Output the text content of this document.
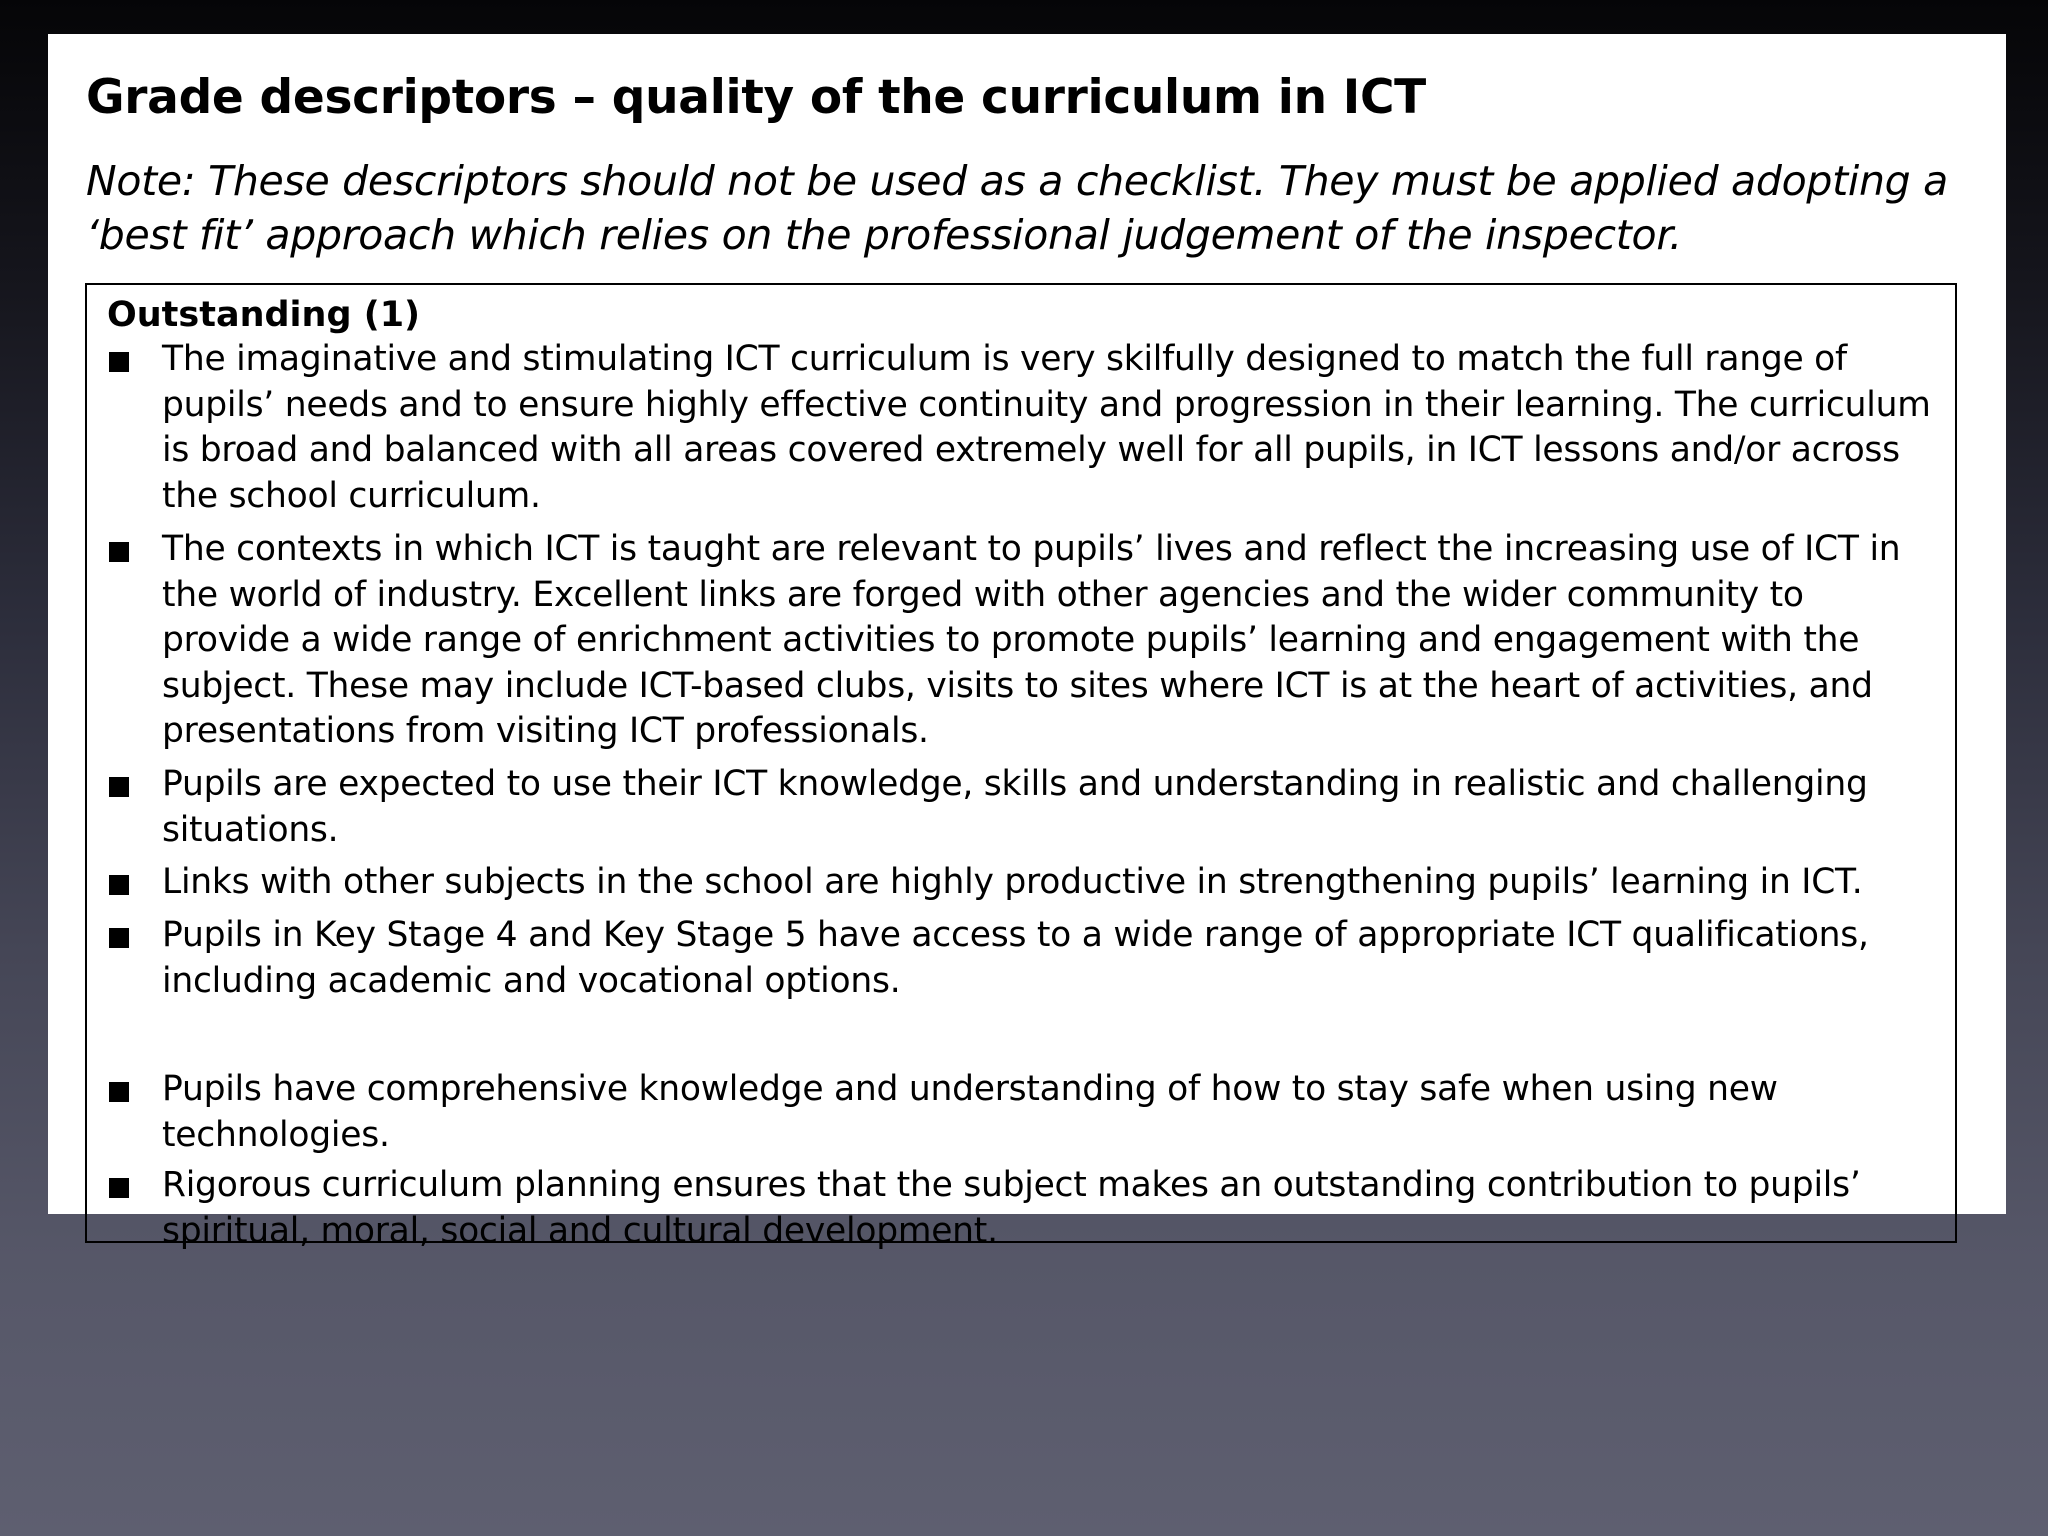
Grade descriptors – quality of the curriculum in ICT

Note: These descriptors should not be used as a checklist. They must be applied adopting a ‘best fit’ approach which relies on the professional judgement of the inspector.

Outstanding (1)
The imaginative and stimulating ICT curriculum is very skilfully designed to match the full range of pupils’ needs and to ensure highly effective continuity and progression in their learning. The curriculum is broad and balanced with all areas covered extremely well for all pupils, in ICT lessons and/or across the school curriculum.
The contexts in which ICT is taught are relevant to pupils’ lives and reflect the increasing use of ICT in the world of industry. Excellent links are forged with other agencies and the wider community to provide a wide range of enrichment activities to promote pupils’ learning and engagement with the subject. These may include ICT-based clubs, visits to sites where ICT is at the heart of activities, and presentations from visiting ICT professionals.
Pupils are expected to use their ICT knowledge, skills and understanding in realistic and challenging situations.
Links with other subjects in the school are highly productive in strengthening pupils’ learning in ICT.
Pupils in Key Stage 4 and Key Stage 5 have access to a wide range of appropriate ICT qualifications, including academic and vocational options.
Pupils have comprehensive knowledge and understanding of how to stay safe when using new technologies.
Rigorous curriculum planning ensures that the subject makes an outstanding contribution to pupils’ spiritual, moral, social and cultural development.
